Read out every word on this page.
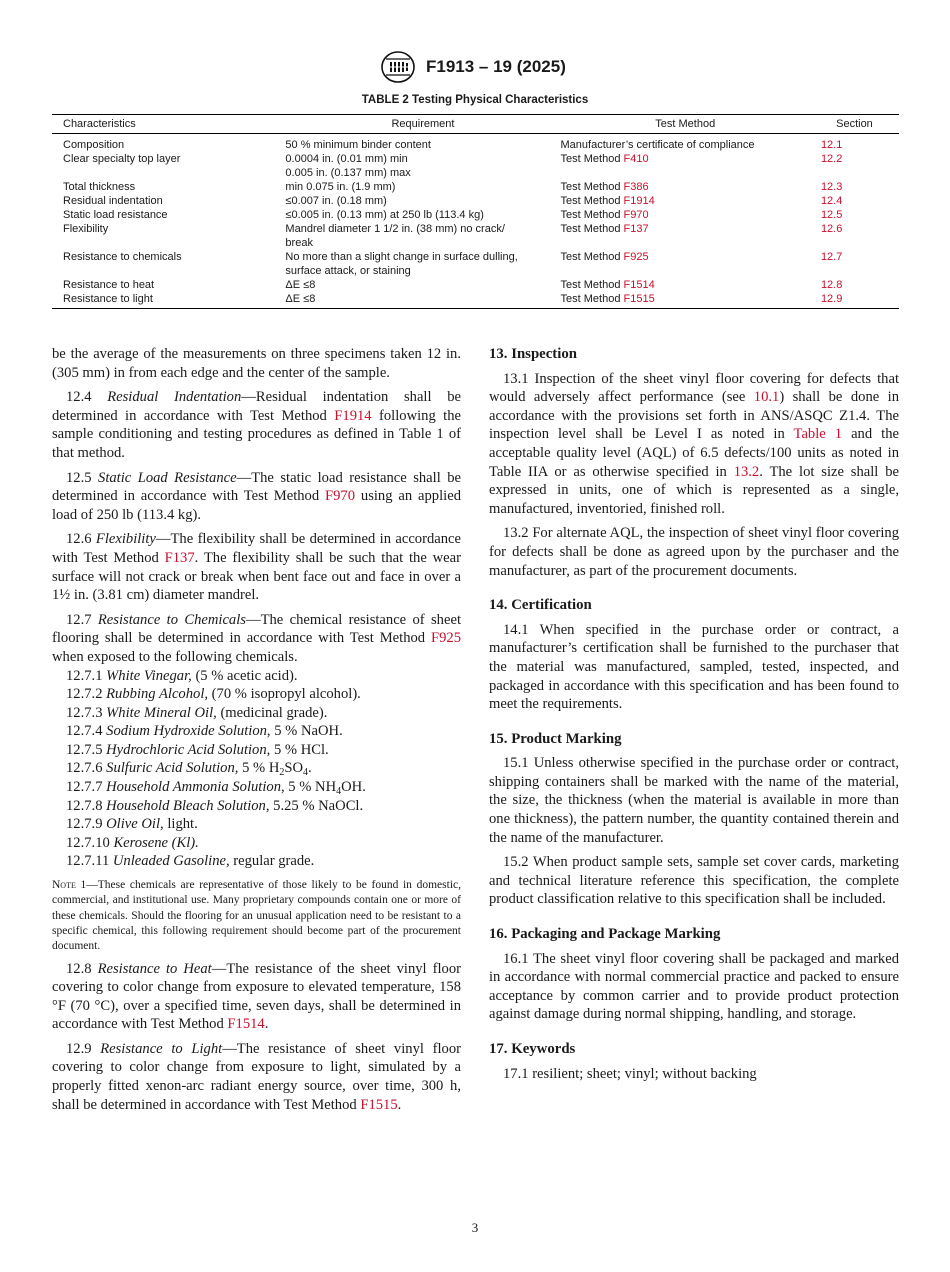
F1913 – 19 (2025)
TABLE 2 Testing Physical Characteristics
Characteristics	Requirement	Test Method	Section
Composition	50 % minimum binder content	Manufacturer’s certificate of compliance	12.1
Clear specialty top layer	0.0004 in. (0.01 mm) min
0.005 in. (0.137 mm) max	Test Method F410	12.2
Total thickness	min 0.075 in. (1.9 mm)	Test Method F386	12.3
Residual indentation	≤0.007 in. (0.18 mm)	Test Method F1914	12.4
Static load resistance	≤0.005 in. (0.13 mm) at 250 lb (113.4 kg)	Test Method F970	12.5
Flexibility	Mandrel diameter 1 1/2 in. (38 mm) no crack/
break	Test Method F137	12.6
Resistance to chemicals	No more than a slight change in surface dulling,
surface attack, or staining	Test Method F925	12.7
Resistance to heat	ΔE ≤8	Test Method F1514	12.8
Resistance to light	ΔE ≤8	Test Method F1515	12.9

be the average of the measurements on three specimens taken 12 in. (305 mm) in from each edge and the center of the sample.

12.4 Residual Indentation—Residual indentation shall be determined in accordance with Test Method F1914 following the sample conditioning and testing procedures as defined in Table 1 of that method.

12.5 Static Load Resistance—The static load resistance shall be determined in accordance with Test Method F970 using an applied load of 250 lb (113.4 kg).

12.6 Flexibility—The flexibility shall be determined in accordance with Test Method F137. The flexibility shall be such that the wear surface will not crack or break when bent face out and face in over a 1½ in. (3.81 cm) diameter mandrel.

12.7 Resistance to Chemicals—The chemical resistance of sheet flooring shall be determined in accordance with Test Method F925 when exposed to the following chemicals.

12.7.1 White Vinegar, (5 % acetic acid).
12.7.2 Rubbing Alcohol, (70 % isopropyl alcohol).
12.7.3 White Mineral Oil, (medicinal grade).
12.7.4 Sodium Hydroxide Solution, 5 % NaOH.
12.7.5 Hydrochloric Acid Solution, 5 % HCl.
12.7.6 Sulfuric Acid Solution, 5 % $H_2SO_4$.
12.7.7 Household Ammonia Solution, 5 % $NH_4OH$.
12.7.8 Household Bleach Solution, 5.25 % NaOCl.
12.7.9 Olive Oil, light.
12.7.10 Kerosene (Kl).
12.7.11 Unleaded Gasoline, regular grade.

Note 1—These chemicals are representative of those likely to be found in domestic, commercial, and institutional use. Many proprietary compounds contain one or more of these chemicals. Should the flooring for an unusual application need to be resistant to a specific chemical, this following requirement should become part of the procurement document.

12.8 Resistance to Heat—The resistance of the sheet vinyl floor covering to color change from exposure to elevated temperature, 158 °F (70 °C), over a specified time, seven days, shall be determined in accordance with Test Method F1514.

12.9 Resistance to Light—The resistance of sheet vinyl floor covering to color change from exposure to light, simulated by a properly fitted xenon-arc radiant energy source, over time, 300 h, shall be determined in accordance with Test Method F1515.

13. Inspection

13.1 Inspection of the sheet vinyl floor covering for defects that would adversely affect performance (see 10.1) shall be done in accordance with the provisions set forth in ANS/ASQC Z1.4. The inspection level shall be Level I as noted in Table 1 and the acceptable quality level (AQL) of 6.5 defects/100 units as noted in Table IIA or as otherwise specified in 13.2. The lot size shall be expressed in units, one of which is represented as a single, manufactured, inventoried, finished roll.

13.2 For alternate AQL, the inspection of sheet vinyl floor covering for defects shall be done as agreed upon by the purchaser and the manufacturer, as part of the procurement documents.

14. Certification

14.1 When specified in the purchase order or contract, a manufacturer’s certification shall be furnished to the purchaser that the material was manufactured, sampled, tested, inspected, and packaged in accordance with this specification and has been found to meet the requirements.

15. Product Marking

15.1 Unless otherwise specified in the purchase order or contract, shipping containers shall be marked with the name of the material, the size, the thickness (when the material is available in more than one thickness), the pattern number, the quantity contained therein and the name of the manufacturer.

15.2 When product sample sets, sample set cover cards, marketing and technical literature reference this specification, the complete product classification relative to this specification shall be included.

16. Packaging and Package Marking

16.1 The sheet vinyl floor covering shall be packaged and marked in accordance with normal commercial practice and packed to ensure acceptance by common carrier and to provide product protection against damage during normal shipping, handling, and storage.

17. Keywords

17.1 resilient; sheet; vinyl; without backing

3
